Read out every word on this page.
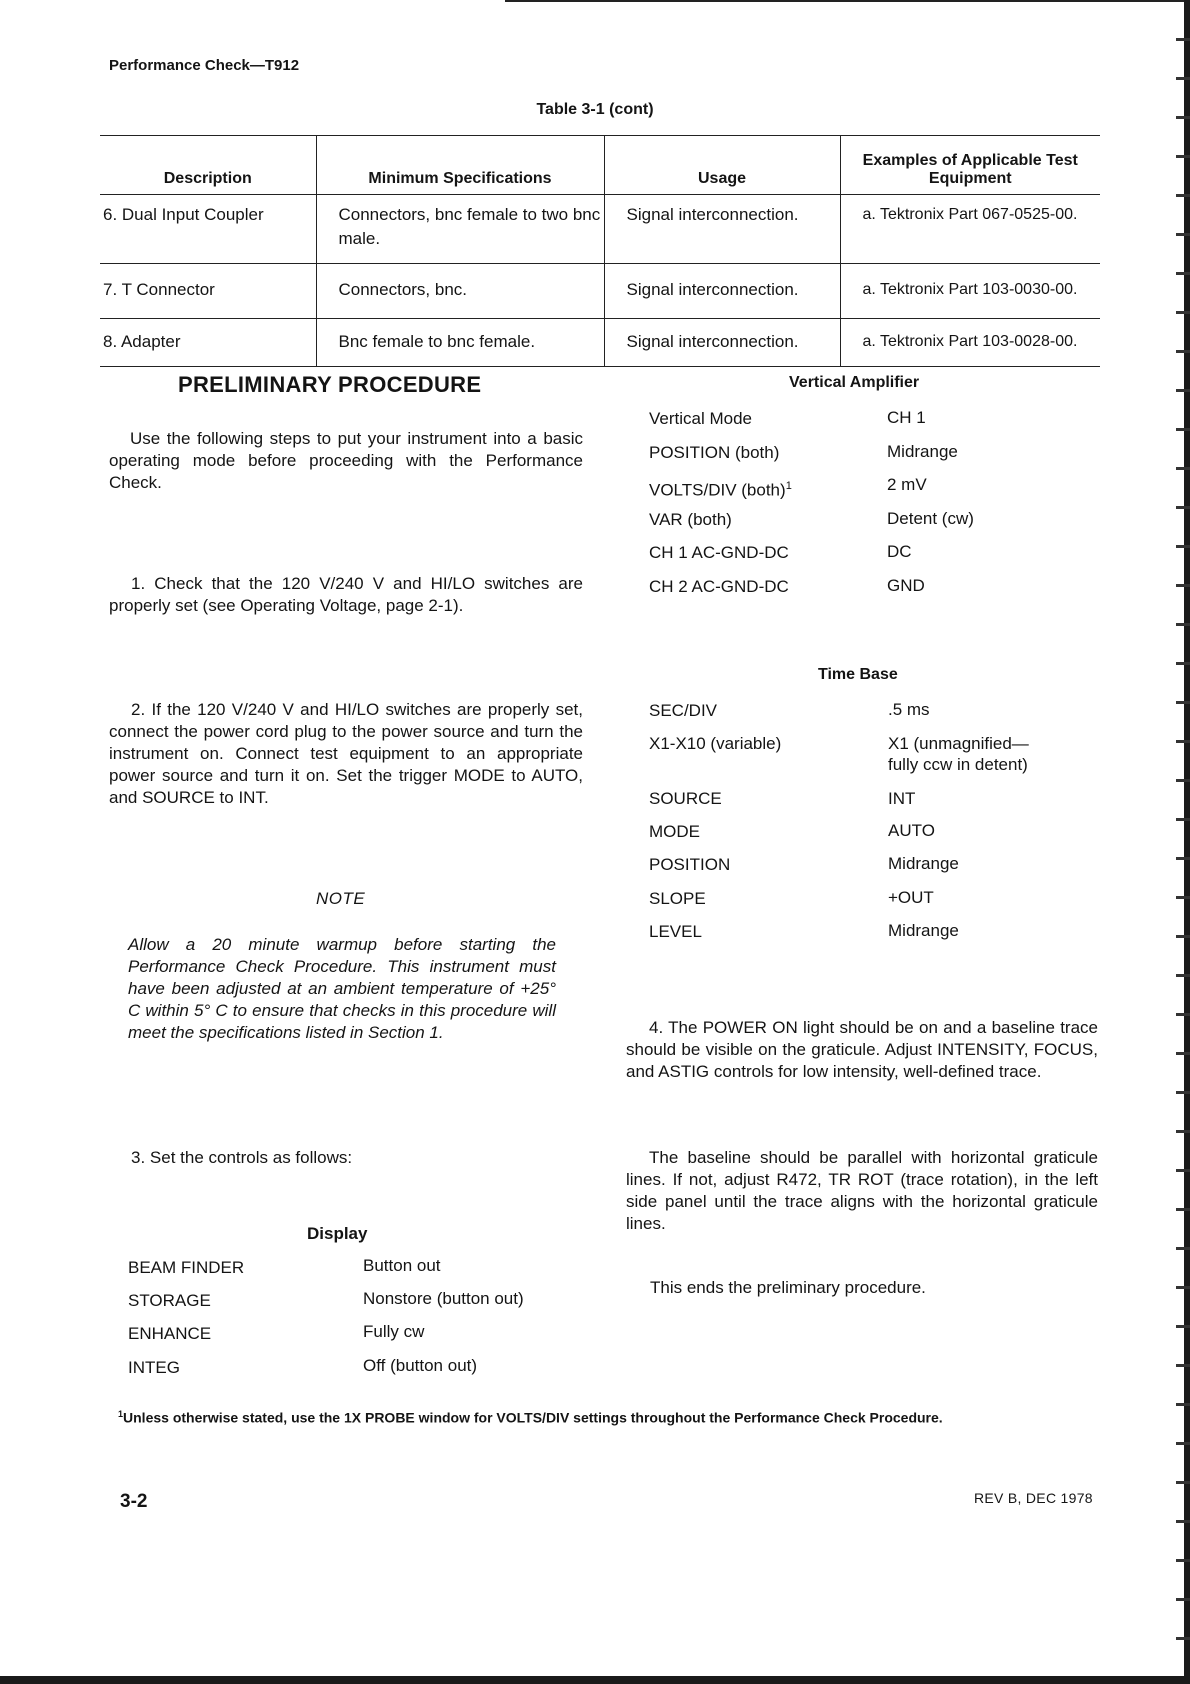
Performance Check—T912
Table 3-1 (cont)
Description	Minimum Specifications	Usage	Examples of Applicable Test Equipment
6. Dual Input Coupler	Connectors, bnc female to two bnc male.	Signal interconnection.	a. Tektronix Part 067-0525-00.
7. T Connector	Connectors, bnc.	Signal interconnection.	a. Tektronix Part 103-0030-00.
8. Adapter	Bnc female to bnc female.	Signal interconnection.	a. Tektronix Part 103-0028-00.
PRELIMINARY PROCEDURE
Use the following steps to put your instrument into a basic operating mode before proceeding with the Performance Check.
1. Check that the 120 V/240 V and HI/LO switches are properly set (see Operating Voltage, page 2-1).
2. If the 120 V/240 V and HI/LO switches are properly set, connect the power cord plug to the power source and turn the instrument on. Connect test equipment to an appropriate power source and turn it on. Set the trigger MODE to AUTO, and SOURCE to INT.
NOTE
Allow a 20 minute warmup before starting the Performance Check Procedure. This instrument must have been adjusted at an ambient temperature of +25° C within 5° C to ensure that checks in this procedure will meet the specifications listed in Section 1.
3. Set the controls as follows:
Display
BEAM FINDER	Button out
STORAGE	Nonstore (button out)
ENHANCE	Fully cw
INTEG	Off (button out)
Vertical Amplifier
Vertical Mode	CH 1
POSITION (both)	Midrange
VOLTS/DIV (both)$^1$	2 mV
VAR (both)	Detent (cw)
CH 1 AC-GND-DC	DC
CH 2 AC-GND-DC	GND
Time Base
SEC/DIV	.5 ms
X1-X10 (variable)	X1 (unmagnified—
fully ccw in detent)
SOURCE	INT
MODE	AUTO
POSITION	Midrange
SLOPE	+OUT
LEVEL	Midrange
4. The POWER ON light should be on and a baseline trace should be visible on the graticule. Adjust INTENSITY, FOCUS, and ASTIG controls for low intensity, well-defined trace.
The baseline should be parallel with horizontal graticule lines. If not, adjust R472, TR ROT (trace rotation), in the left side panel until the trace aligns with the horizontal graticule lines.
This ends the preliminary procedure.
$^1$Unless otherwise stated, use the 1X PROBE window for VOLTS/DIV settings throughout the Performance Check Procedure.
3-2	REV B, DEC 1978
